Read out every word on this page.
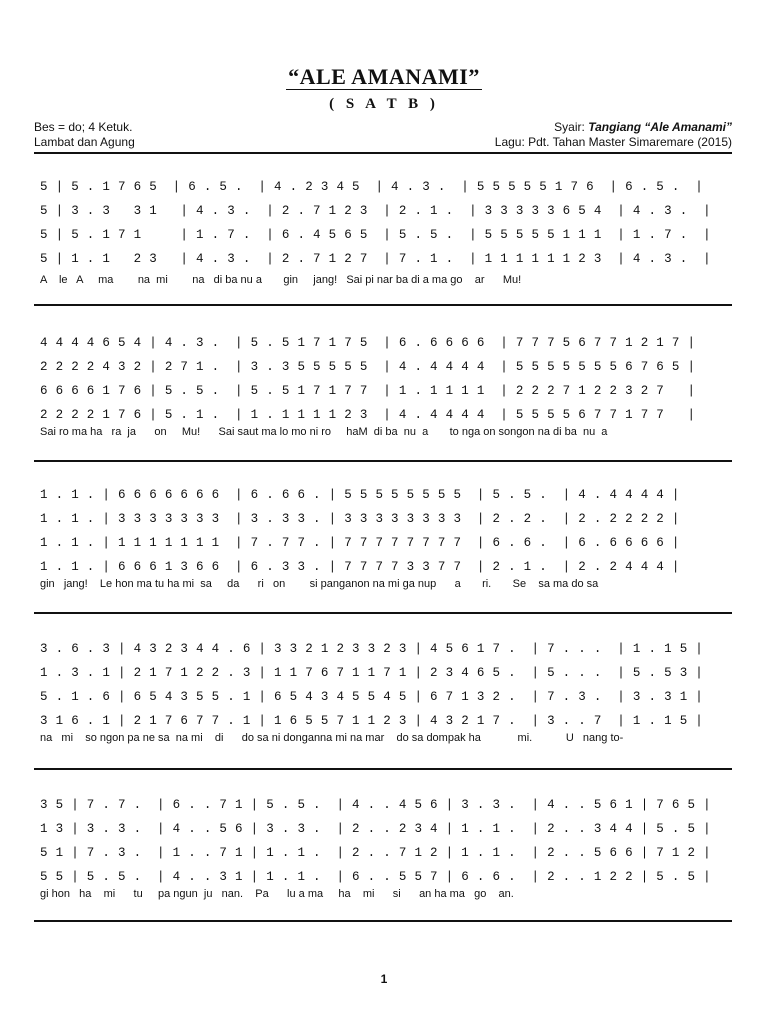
“ALE AMANAMI”
( S A T B )
Bes = do; 4 Ketuk.
Lambat dan Agung
Syair: Tangiang “Ale Amanami”
Lagu: Pdt. Tahan Master Simaremare (2015)
5 | 5 . 1 7 6 5  | 6 . 5 .  | 4 . 2 3 4 5  | 4 . 3 .  | 5 5 5 5 5 1 7 6  | 6 . 5 .  |
5 | 3 . 3   3 1   | 4 . 3 .  | 2 . 7 1 2 3  | 2 . 1 .  | 3 3 3 3 3 6 5 4  | 4 . 3 .  |
5 | 5 . 1 7 1     | 1 . 7 .  | 6 . 4 5 6 5  | 5 . 5 .  | 5 5 5 5 5 1 1 1  | 1 . 7 .  |
5 | 1 . 1   2 3   | 4 . 3 .  | 2 . 7 1 2 7  | 7 . 1 .  | 1 1 1 1 1 1 2 3  | 4 . 3 .  |
A    le   A     ma        na  mi        na   di ba nu a       gin     jang!   Sai pi nar ba di a ma go    ar      Mu!
4 4 4 4 6 5 4 | 4 . 3 .  | 5 . 5 1 7 1 7 5  | 6 . 6 6 6 6  | 7 7 7 5 6 7 7 1 2 1 7 |
2 2 2 2 4 3 2 | 2 7 1 .  | 3 . 3 5 5 5 5 5  | 4 . 4 4 4 4  | 5 5 5 5 5 5 5 6 7 6 5 |
6 6 6 6 1 7 6 | 5 . 5 .  | 5 . 5 1 7 1 7 7  | 1 . 1 1 1 1  | 2 2 2 7 1 2 2 3 2 7   |
2 2 2 2 1 7 6 | 5 . 1 .  | 1 . 1 1 1 1 2 3  | 4 . 4 4 4 4  | 5 5 5 5 6 7 7 1 7 7   |
Sai ro ma ha   ra  ja      on     Mu!      Sai saut ma lo mo ni ro     haM  di ba  nu  a       to nga on songon na di ba  nu  a
1 . 1 . | 6 6 6 6 6 6 6  | 6 . 6 6 . | 5 5 5 5 5 5 5 5  | 5 . 5 .  | 4 . 4 4 4 4 |
1 . 1 . | 3 3 3 3 3 3 3  | 3 . 3 3 . | 3 3 3 3 3 3 3 3  | 2 . 2 .  | 2 . 2 2 2 2 |
1 . 1 . | 1 1 1 1 1 1 1  | 7 . 7 7 . | 7 7 7 7 7 7 7 7  | 6 . 6 .  | 6 . 6 6 6 6 |
1 . 1 . | 6 6 6 1 3 6 6  | 6 . 3 3 . | 7 7 7 7 3 3 7 7  | 2 . 1 .  | 2 . 2 4 4 4 |
gin   jang!    Le hon ma tu ha mi  sa     da      ri   on        si panganon na mi ga nup      a       ri.       Se    sa ma do sa
3 . 6 . 3 | 4 3 2 3 4 4 . 6 | 3 3 2 1 2 3 3 2 3 | 4 5 6 1 7 .  | 7 . . .  | 1 . 1 5 |
1 . 3 . 1 | 2 1 7 1 2 2 . 3 | 1 1 7 6 7 1 1 7 1 | 2 3 4 6 5 .  | 5 . . .  | 5 . 5 3 |
5 . 1 . 6 | 6 5 4 3 5 5 . 1 | 6 5 4 3 4 5 5 4 5 | 6 7 1 3 2 .  | 7 . 3 .  | 3 . 3 1 |
3 1 6 . 1 | 2 1 7 6 7 7 . 1 | 1 6 5 5 7 1 1 2 3 | 4 3 2 1 7 .  | 3 . . 7  | 1 . 1 5 |
na   mi    so ngon pa ne sa  na mi    di      do sa ni donganna mi na mar    do sa dompak ha            mi.           U   nang to-
3 5 | 7 . 7 .  | 6 . . 7 1 | 5 . 5 .  | 4 . . 4 5 6 | 3 . 3 .  | 4 . . 5 6 1 | 7 6 5 |
1 3 | 3 . 3 .  | 4 . . 5 6 | 3 . 3 .  | 2 . . 2 3 4 | 1 . 1 .  | 2 . . 3 4 4 | 5 . 5 |
5 1 | 7 . 3 .  | 1 . . 7 1 | 1 . 1 .  | 2 . . 7 1 2 | 1 . 1 .  | 2 . . 5 6 6 | 7 1 2 |
5 5 | 5 . 5 .  | 4 . . 3 1 | 1 . 1 .  | 6 . . 5 5 7 | 6 . 6 .  | 2 . . 1 2 2 | 5 . 5 |
gi hon   ha    mi      tu     pa ngun  ju   nan.    Pa      lu a ma     ha    mi      si      an ha ma   go    an.
1
